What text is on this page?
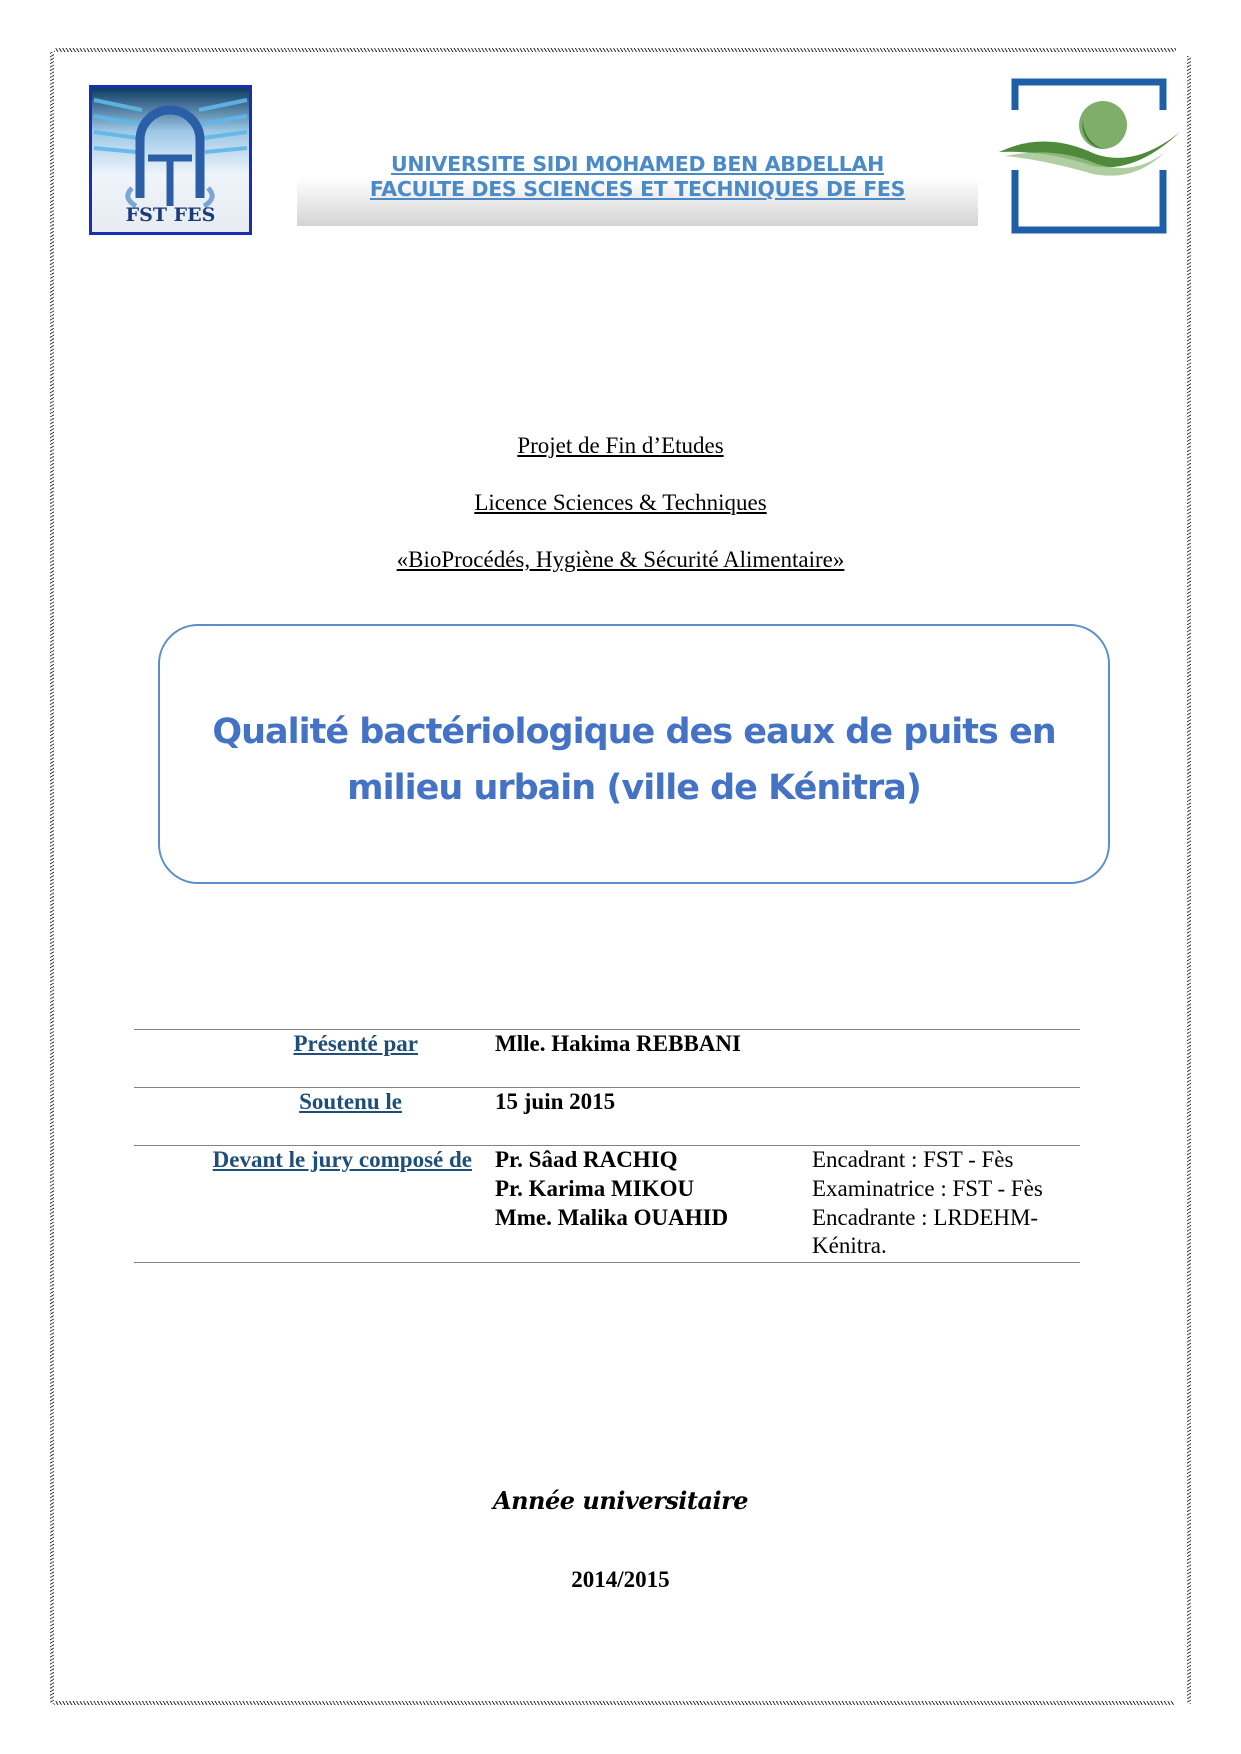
FST FES
UNIVERSITE SIDI MOHAMED BEN ABDELLAH
FACULTE DES SCIENCES ET TECHNIQUES DE FES
Projet de Fin d’Etudes
Licence Sciences & Techniques
«BioProcédés, Hygiène & Sécurité Alimentaire»
Qualité bactériologique des eaux de puits en
milieu urbain (ville de Kénitra)
Présenté par	Mlle. Hakima REBBANI
Soutenu le	15 juin 2015
Devant le jury composé de Pr. Sâad RACHIQ
Pr. Karima MIKOU
Mme. Malika OUAHID
Encadrant : FST - Fès
Examinatrice : FST - Fès
Encadrante : LRDEHM-
Kénitra.
Année universitaire
2014/2015
